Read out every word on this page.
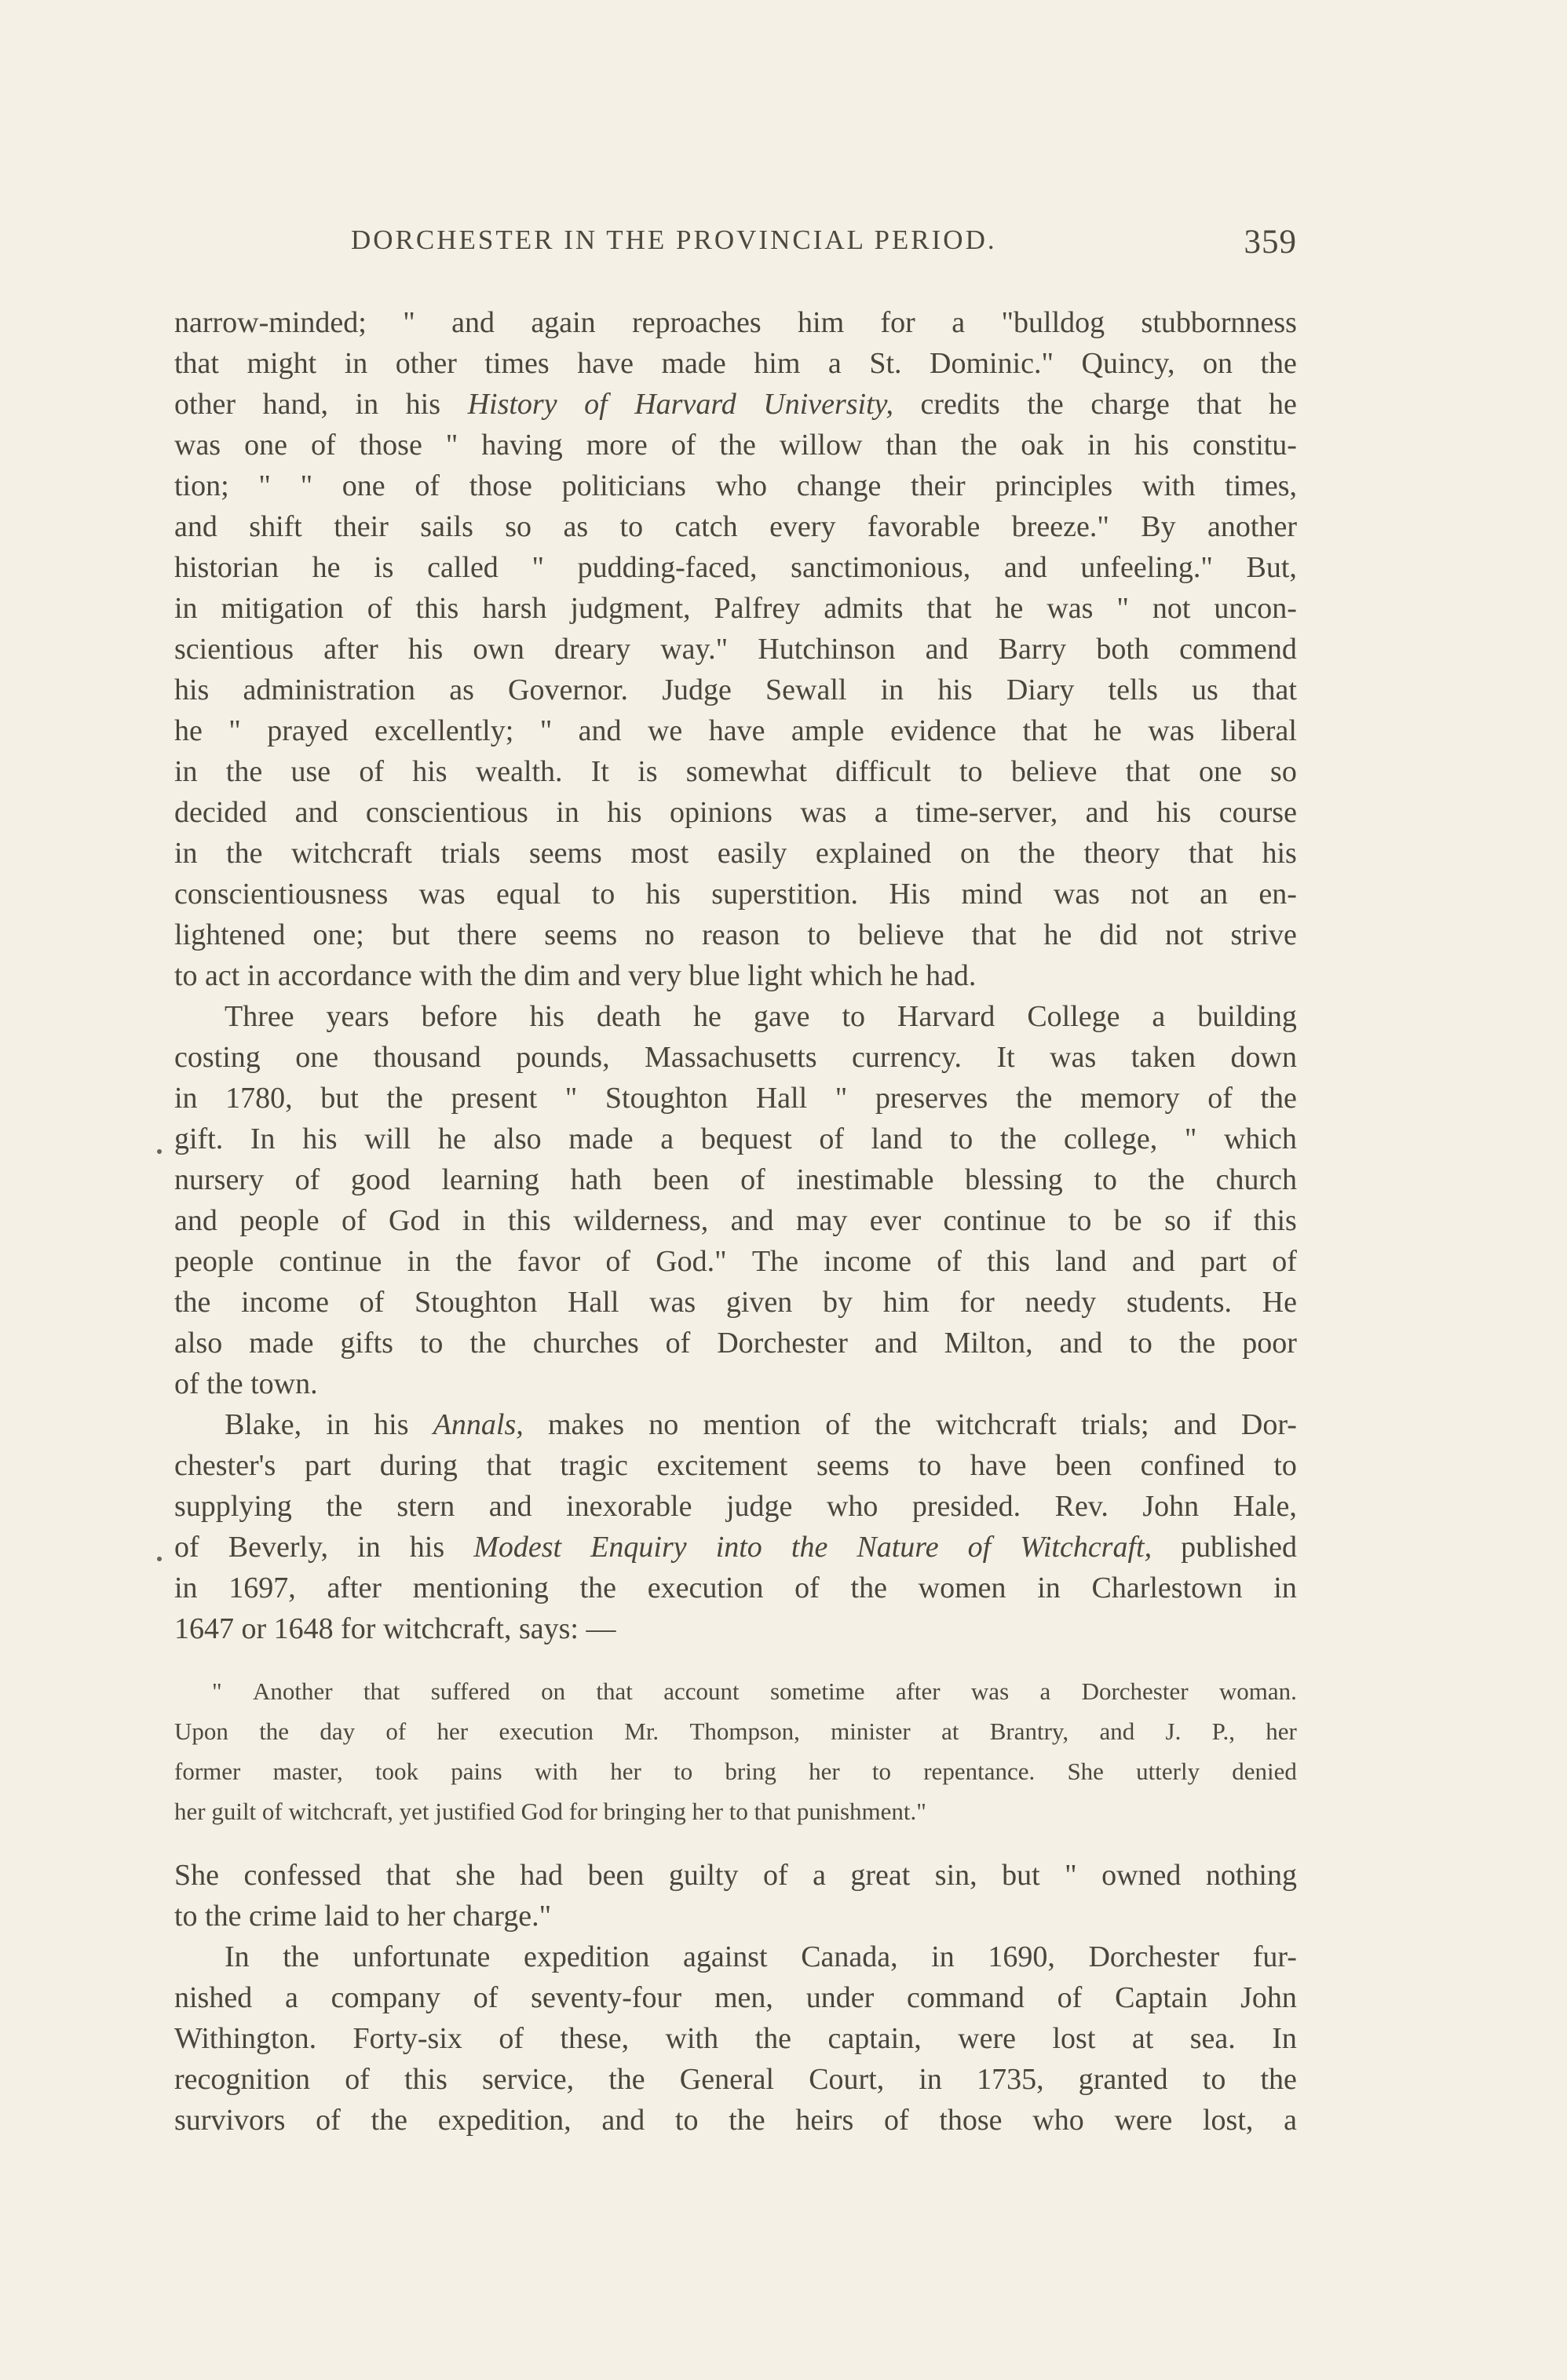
DORCHESTER IN THE PROVINCIAL PERIOD.	359
narrow-minded; " and again reproaches him for a "bulldog stubbornness
that might in other times have made him a St. Dominic." Quincy, on the
other hand, in his History of Harvard University, credits the charge that he
was one of those " having more of the willow than the oak in his constitu-
tion; " " one of those politicians who change their principles with times,
and shift their sails so as to catch every favorable breeze." By another
historian he is called " pudding-faced, sanctimonious, and unfeeling." But,
in mitigation of this harsh judgment, Palfrey admits that he was " not uncon-
scientious after his own dreary way." Hutchinson and Barry both commend
his administration as Governor. Judge Sewall in his Diary tells us that
he " prayed excellently; " and we have ample evidence that he was liberal
in the use of his wealth. It is somewhat difficult to believe that one so
decided and conscientious in his opinions was a time-server, and his course
in the witchcraft trials seems most easily explained on the theory that his
conscientiousness was equal to his superstition. His mind was not an en-
lightened one; but there seems no reason to believe that he did not strive
to act in accordance with the dim and very blue light which he had.
Three years before his death he gave to Harvard College a building
costing one thousand pounds, Massachusetts currency. It was taken down
in 1780, but the present " Stoughton Hall " preserves the memory of the
gift. In his will he also made a bequest of land to the college, " which
nursery of good learning hath been of inestimable blessing to the church
and people of God in this wilderness, and may ever continue to be so if this
people continue in the favor of God." The income of this land and part of
the income of Stoughton Hall was given by him for needy students. He
also made gifts to the churches of Dorchester and Milton, and to the poor
of the town.
Blake, in his Annals, makes no mention of the witchcraft trials; and Dor-
chester's part during that tragic excitement seems to have been confined to
supplying the stern and inexorable judge who presided. Rev. John Hale,
of Beverly, in his Modest Enquiry into the Nature of Witchcraft, published
in 1697, after mentioning the execution of the women in Charlestown in
1647 or 1648 for witchcraft, says: —
" Another that suffered on that account sometime after was a Dorchester woman.
Upon the day of her execution Mr. Thompson, minister at Brantry, and J. P., her
former master, took pains with her to bring her to repentance. She utterly denied
her guilt of witchcraft, yet justified God for bringing her to that punishment."
She confessed that she had been guilty of a great sin, but " owned nothing
to the crime laid to her charge."
In the unfortunate expedition against Canada, in 1690, Dorchester fur-
nished a company of seventy-four men, under command of Captain John
Withington. Forty-six of these, with the captain, were lost at sea. In
recognition of this service, the General Court, in 1735, granted to the
survivors of the expedition, and to the heirs of those who were lost, a
